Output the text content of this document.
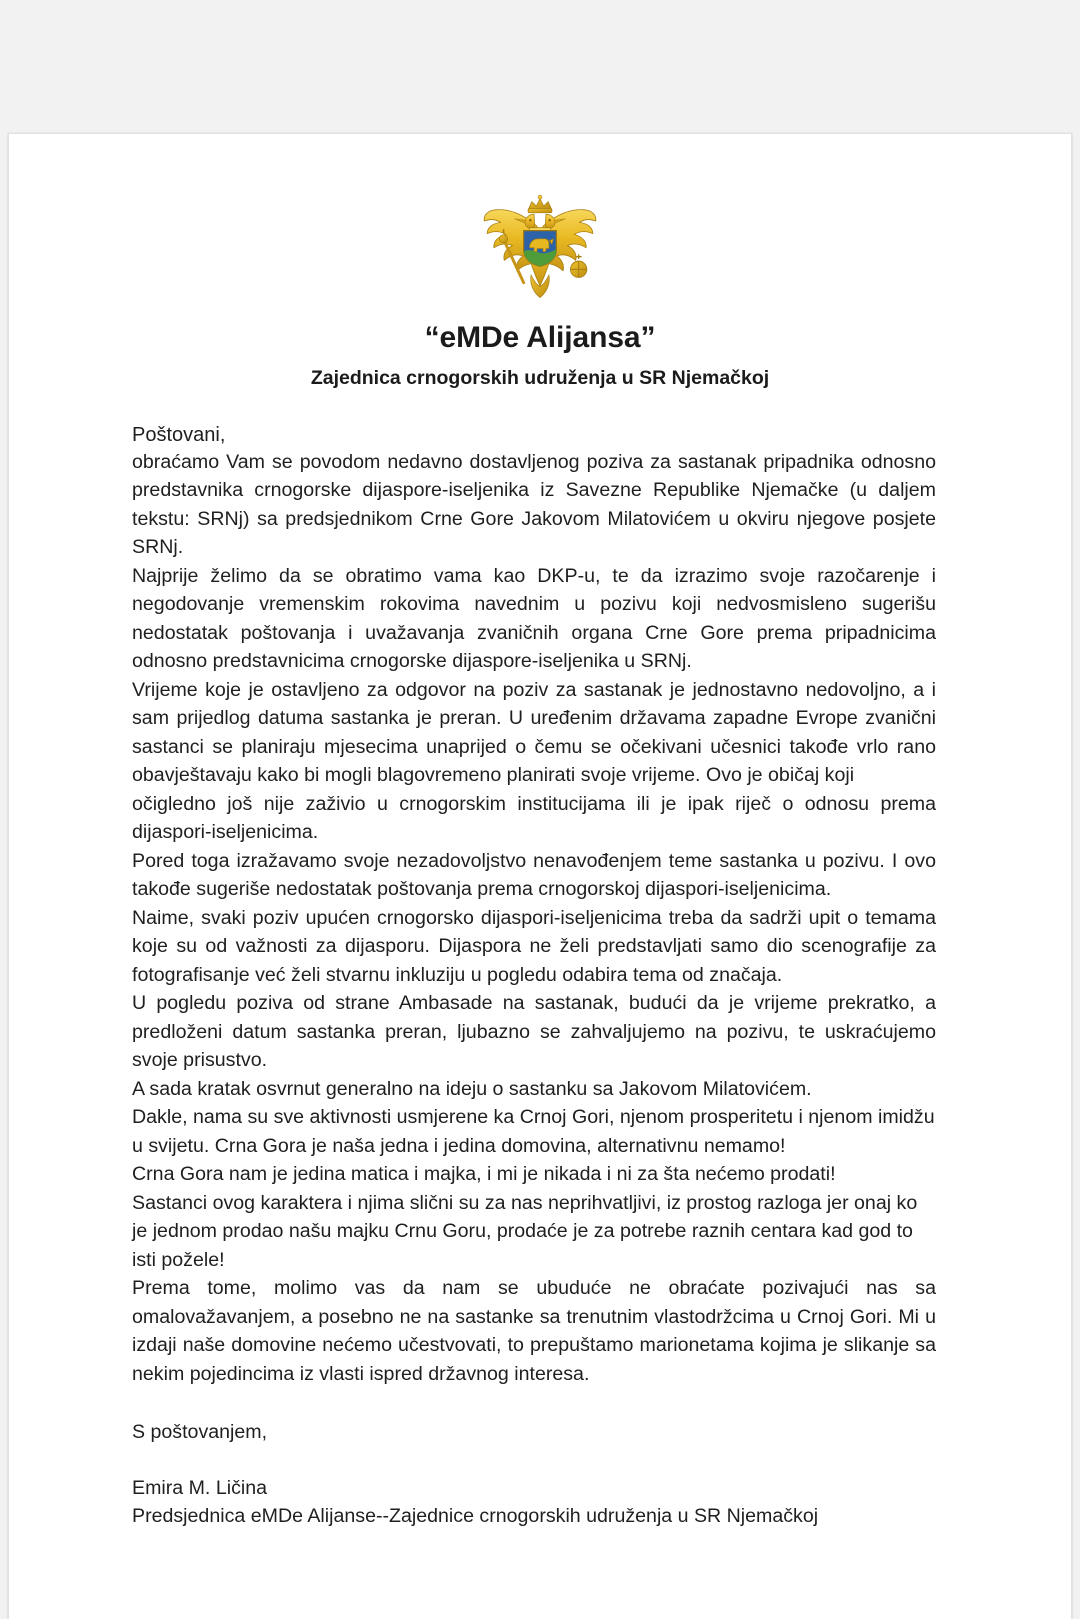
“eMDe Alijansa”
Zajednica crnogorskih udruženja u SR Njemačkoj
Poštovani,

obraćamo Vam se povodom nedavno dostavljenog poziva za sastanak pripadnika odnosno predstavnika crnogorske dijaspore-iseljenika iz Savezne Republike Njemačke (u daljem tekstu: SRNj) sa predsjednikom Crne Gore Jakovom Milatovićem u okviru njegove posjete SRNj.

Najprije želimo da se obratimo vama kao DKP-u, te da izrazimo svoje razočarenje i negodovanje vremenskim rokovima navednim u pozivu koji nedvosmisleno sugerišu nedostatak poštovanja i uvažavanja zvaničnih organa Crne Gore prema pripadnicima odnosno predstavnicima crnogorske dijaspore-iseljenika u SRNj.

Vrijeme koje je ostavljeno za odgovor na poziv za sastanak je jednostavno nedovoljno, a i sam prijedlog datuma sastanka je preran. U uređenim državama zapadne Evrope zvanični sastanci se planiraju mjesecima unaprijed o čemu se očekivani učesnici takođe vrlo rano obavještavaju kako bi mogli blagovremeno planirati svoje vrijeme. Ovo je običaj koji

očigledno još nije zaživio u crnogorskim institucijama ili je ipak riječ o odnosu prema dijaspori-iseljenicima.

Pored toga izražavamo svoje nezadovoljstvo nenavođenjem teme sastanka u pozivu. I ovo takođe sugeriše nedostatak poštovanja prema crnogorskoj dijaspori-iseljenicima.

Naime, svaki poziv upućen crnogorsko dijaspori-iseljenicima treba da sadrži upit o temama koje su od važnosti za dijasporu. Dijaspora ne želi predstavljati samo dio scenografije za fotografisanje već želi stvarnu inkluziju u pogledu odabira tema od značaja.

U pogledu poziva od strane Ambasade na sastanak, budući da je vrijeme prekratko, a predloženi datum sastanka preran, ljubazno se zahvaljujemo na pozivu, te uskraćujemo svoje prisustvo.

A sada kratak osvrnut generalno na ideju o sastanku sa Jakovom Milatovićem.

Dakle, nama su sve aktivnosti usmjerene ka Crnoj Gori, njenom prosperitetu i njenom imidžu u svijetu. Crna Gora je naša jedna i jedina domovina, alternativnu nemamo!

Crna Gora nam je jedina matica i majka, i mi je nikada i ni za šta nećemo prodati!

Sastanci ovog karaktera i njima slični su za nas neprihvatljivi, iz prostog razloga jer onaj ko je jednom prodao našu majku Crnu Goru, prodaće je za potrebe raznih centara kad god to isti požele!

Prema tome, molimo vas da nam se ubuduće ne obraćate pozivajući nas sa omalovažavanjem, a posebno ne na sastanke sa trenutnim vlastodržcima u Crnoj Gori. Mi u izdaji naše domovine nećemo učestvovati, to prepuštamo marionetama kojima je slikanje sa nekim pojedincima iz vlasti ispred državnog interesa.

S poštovanjem,
Emira M. Ličina
Predsjednica eMDe Alijanse--Zajednice crnogorskih udruženja u SR Njemačkoj
